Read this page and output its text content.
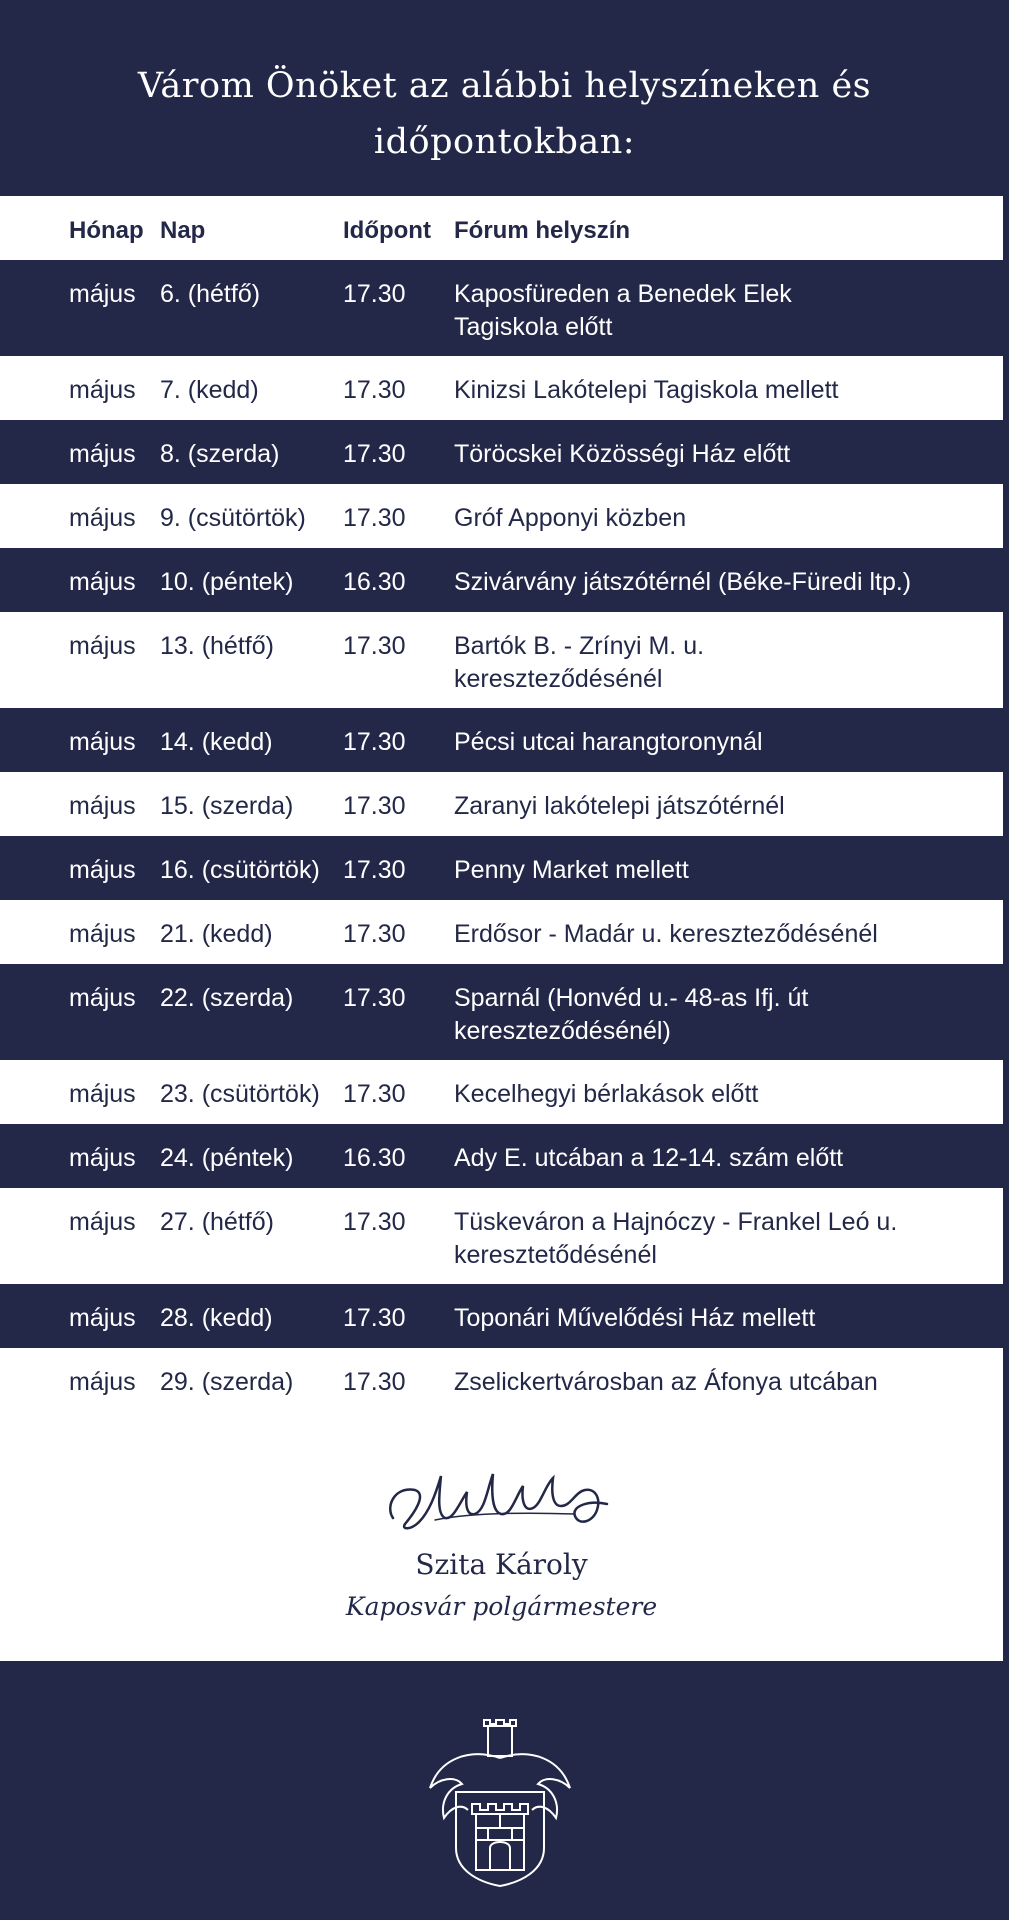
Várom Önöket az alábbi helyszíneken és
időpontokban:
Hónap Nap	Időpont Fórum helyszín
május 6. (hétfő)	17.30 Kaposfüreden a Benedek Elek Tagiskola előtt
május 7. (kedd)	17.30 Kinizsi Lakótelepi Tagiskola mellett
május 8. (szerda)	17.30 Töröcskei Közösségi Ház előtt
május 9. (csütörtök) 17.30 Gróf Apponyi közben
május 10. (péntek) 16.30 Szivárvány játszótérnél (Béke-Füredi ltp.)
május 13. (hétfő)	17.30 Bartók B. - Zrínyi M. u. kereszteződésénél
május 14. (kedd)	17.30 Pécsi utcai harangtoronynál
május 15. (szerda) 17.30 Zaranyi lakótelepi játszótérnél
május 16. (csütörtök) 17.30 Penny Market mellett
május 21. (kedd)	17.30 Erdősor - Madár u. kereszteződésénél
május 22. (szerda) 17.30 Sparnál (Honvéd u.- 48-as Ifj. út kereszteződésénél)
május 23. (csütörtök) 17.30 Kecelhegyi bérlakások előtt
május 24. (péntek) 16.30 Ady E. utcában a 12-14. szám előtt
május 27. (hétfő)	17.30 Tüskeváron a Hajnóczy - Frankel Leó u. keresztetődésénél
május 28. (kedd)	17.30 Toponári Művelődési Ház mellett
május 29. (szerda) 17.30 Zselickertvárosban az Áfonya utcában
Szita Károly
Kaposvár polgármestere
